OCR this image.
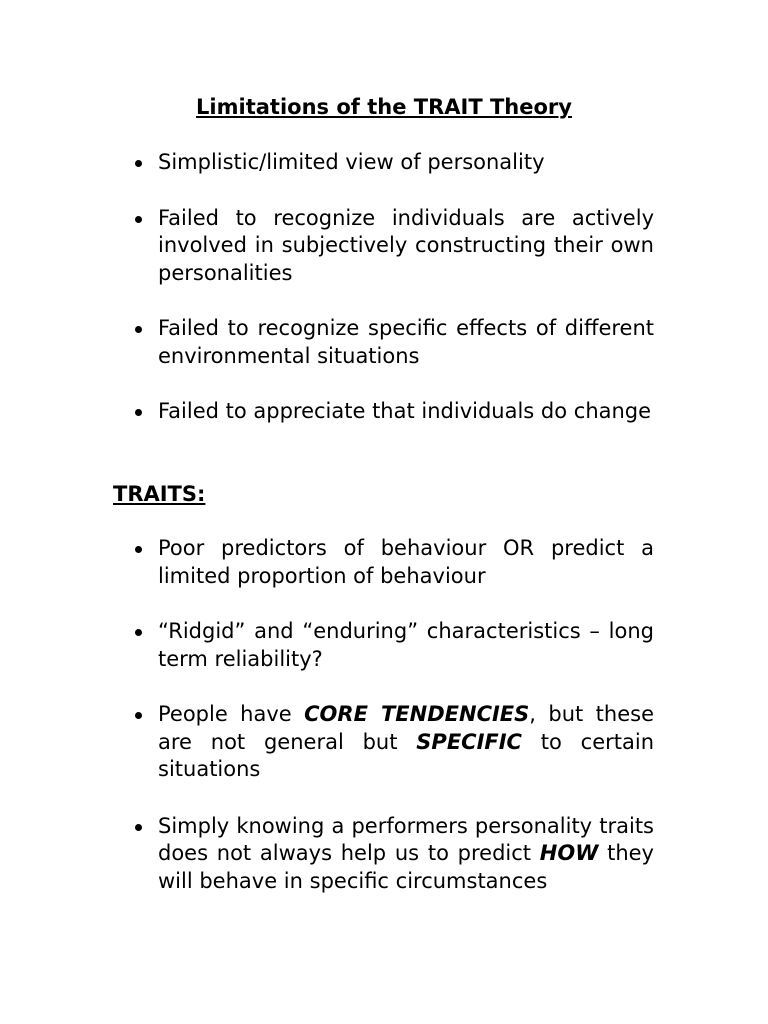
Limitations of the TRAIT Theory
Simplistic/limited view of personality
Failed to recognize individuals are actively involved in subjectively constructing their own personalities
Failed to recognize specific effects of different environmental situations
Failed to appreciate that individuals do change
TRAITS:
Poor predictors of behaviour OR predict a limited proportion of behaviour
“Ridgid” and “enduring” characteristics – long term reliability?
People have CORE TENDENCIES, but these are not general but SPECIFIC to certain situations
Simply knowing a performers personality traits does not always help us to predict HOW they will behave in specific circumstances
